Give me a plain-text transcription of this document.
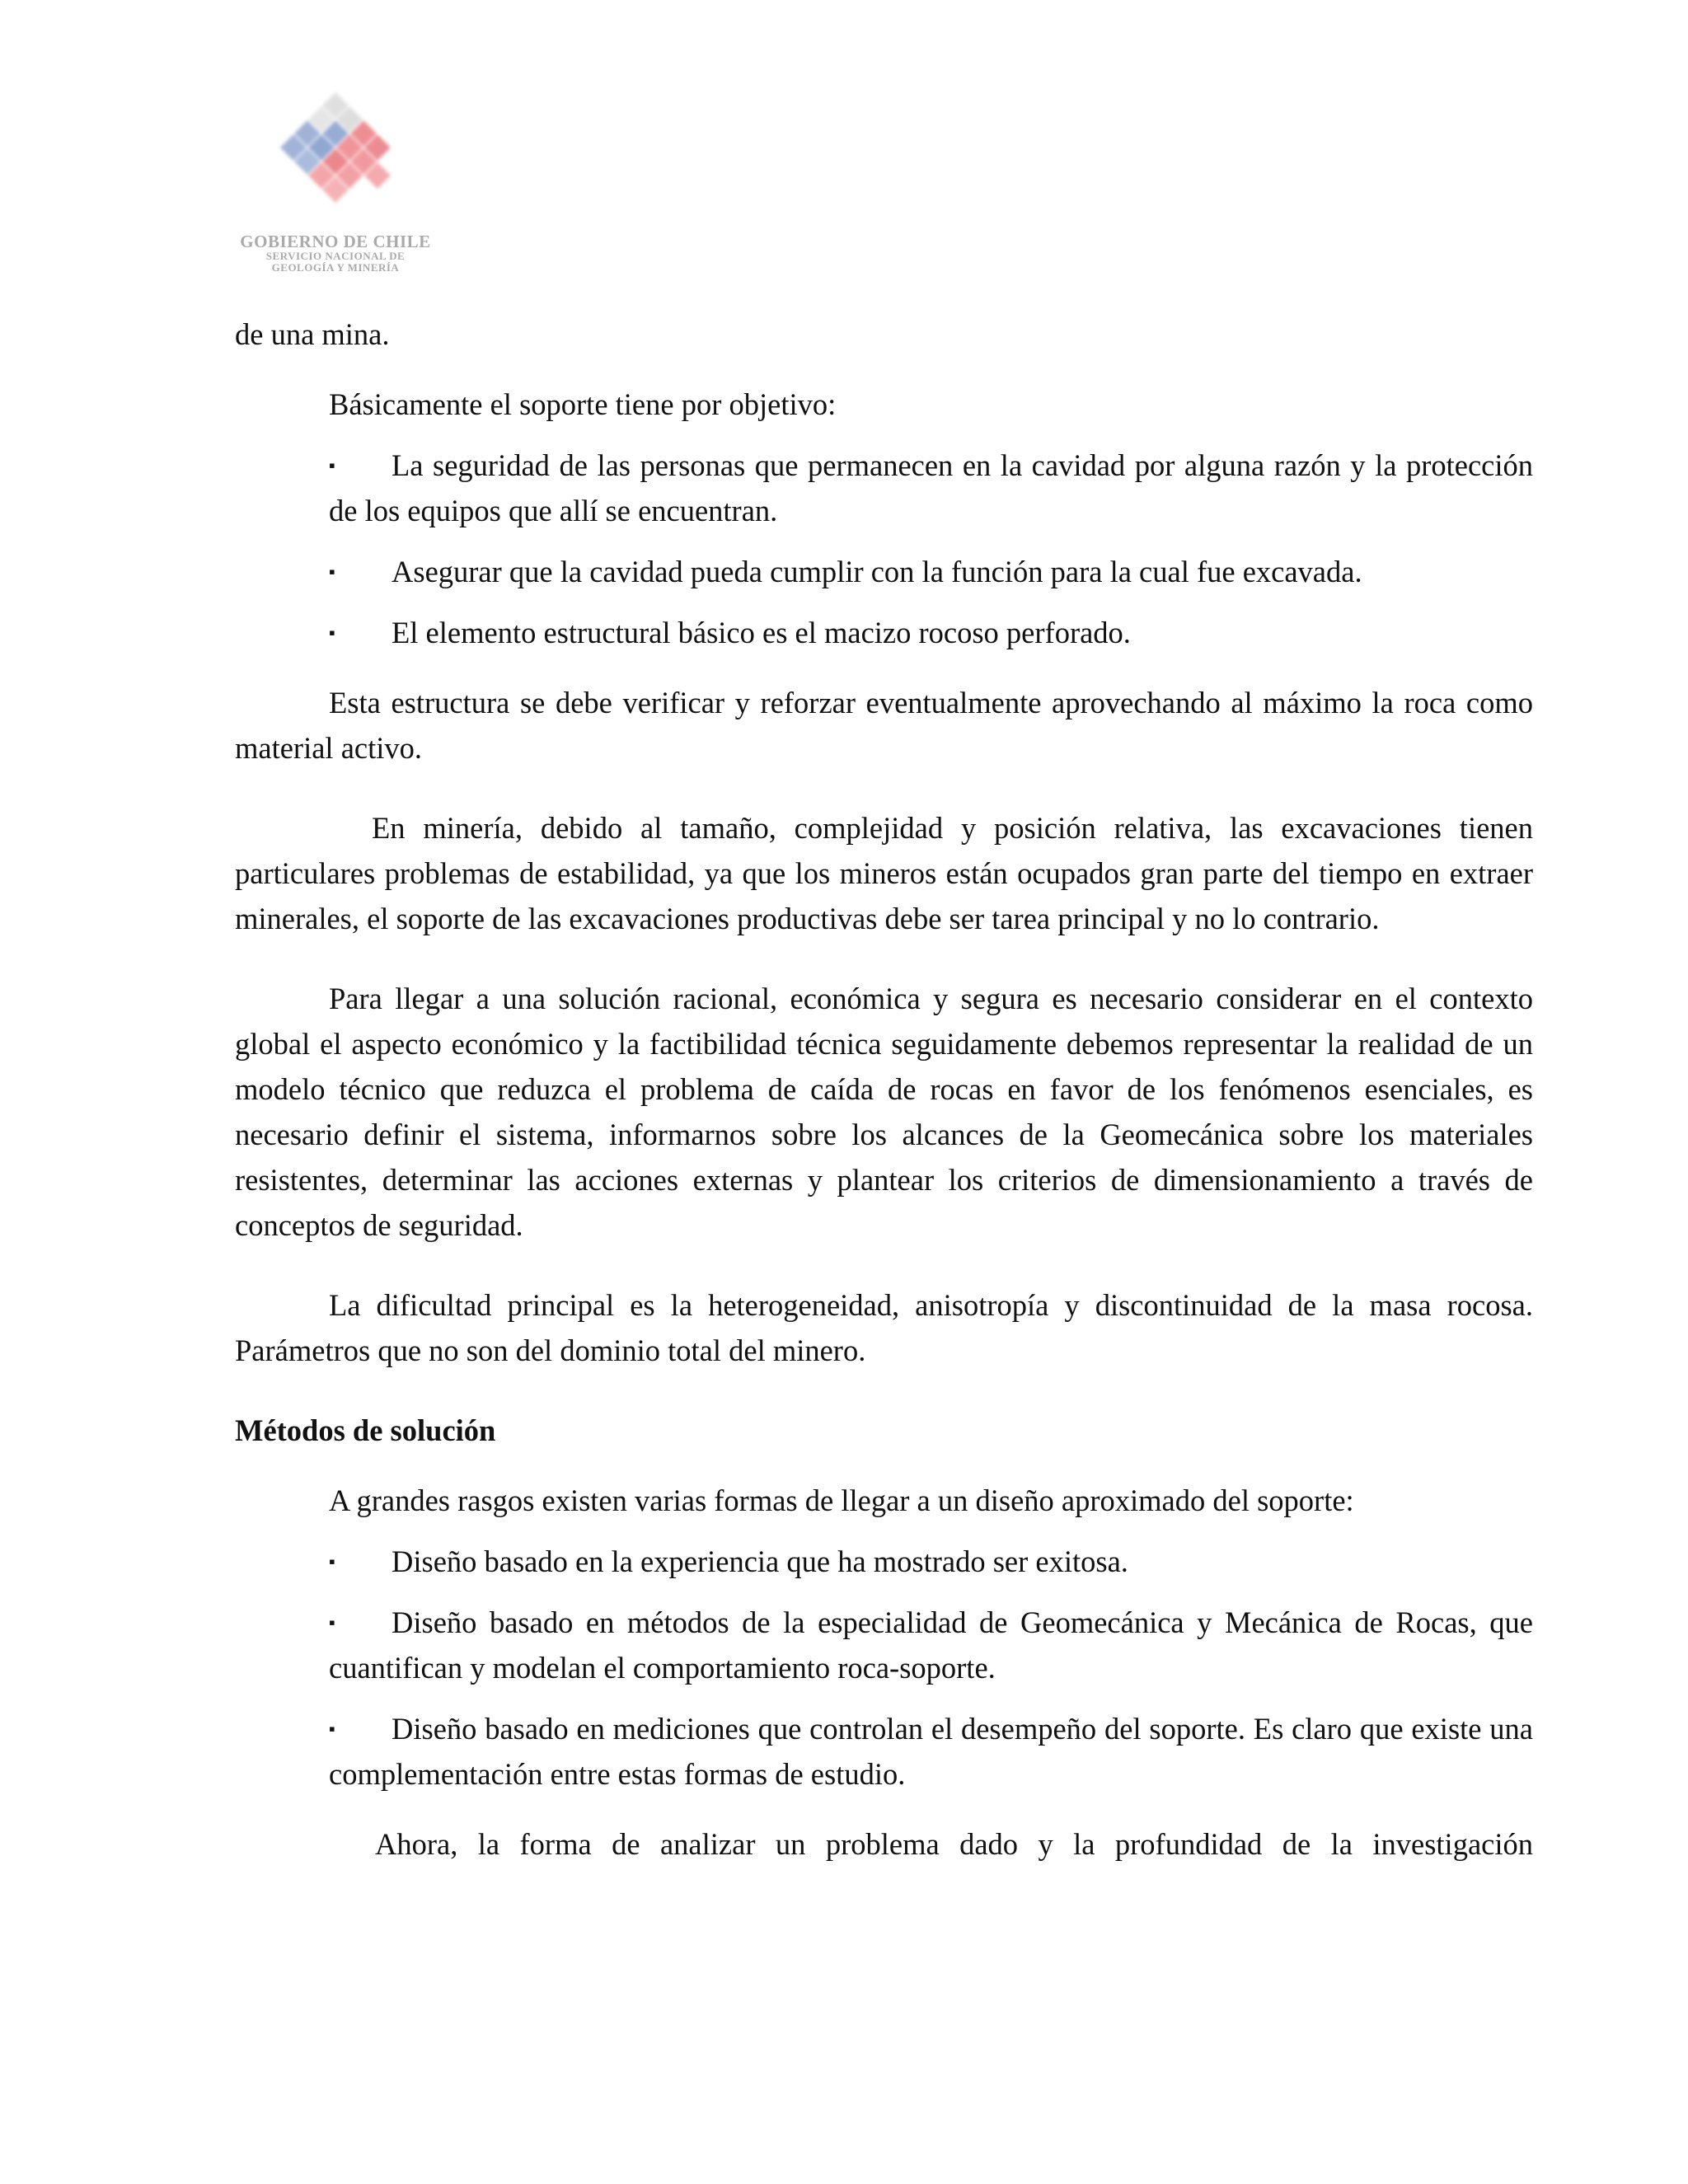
GOBIERNO DE CHILE
SERVICIO NACIONAL DE
GEOLOGÍA Y MINERÍA

de una mina.

Básicamente el soporte tiene por objetivo:

▪ La seguridad de las personas que permanecen en la cavidad por alguna razón y la protección de los equipos que allí se encuentran.

▪ Asegurar que la cavidad pueda cumplir con la función para la cual fue excavada.

▪ El elemento estructural básico es el macizo rocoso perforado.

Esta estructura se debe verificar y reforzar eventualmente aprovechando al máximo la roca como material activo.

En minería, debido al tamaño, complejidad y posición relativa, las excavaciones tienen particulares problemas de estabilidad, ya que los mineros están ocupados gran parte del tiempo en extraer minerales, el soporte de las excavaciones productivas debe ser tarea principal y no lo contrario.

Para llegar a una solución racional, económica y segura es necesario considerar en el contexto global el aspecto económico y la factibilidad técnica seguidamente debemos representar la realidad de un modelo técnico que reduzca el problema de caída de rocas en favor de los fenómenos esenciales, es necesario definir el sistema, informarnos sobre los alcances de la Geomecánica sobre los materiales resistentes, determinar las acciones externas y plantear los criterios de dimensionamiento a través de conceptos de seguridad.

La dificultad principal es la heterogeneidad, anisotropía y discontinuidad de la masa rocosa. Parámetros que no son del dominio total del minero.

Métodos de solución

A grandes rasgos existen varias formas de llegar a un diseño aproximado del soporte:

▪ Diseño basado en la experiencia que ha mostrado ser exitosa.

▪ Diseño basado en métodos de la especialidad de Geomecánica y Mecánica de Rocas, que cuantifican y modelan el comportamiento roca-soporte.

▪ Diseño basado en mediciones que controlan el desempeño del soporte. Es claro que existe una complementación entre estas formas de estudio.

Ahora, la forma de analizar un problema dado y la profundidad de la investigación
